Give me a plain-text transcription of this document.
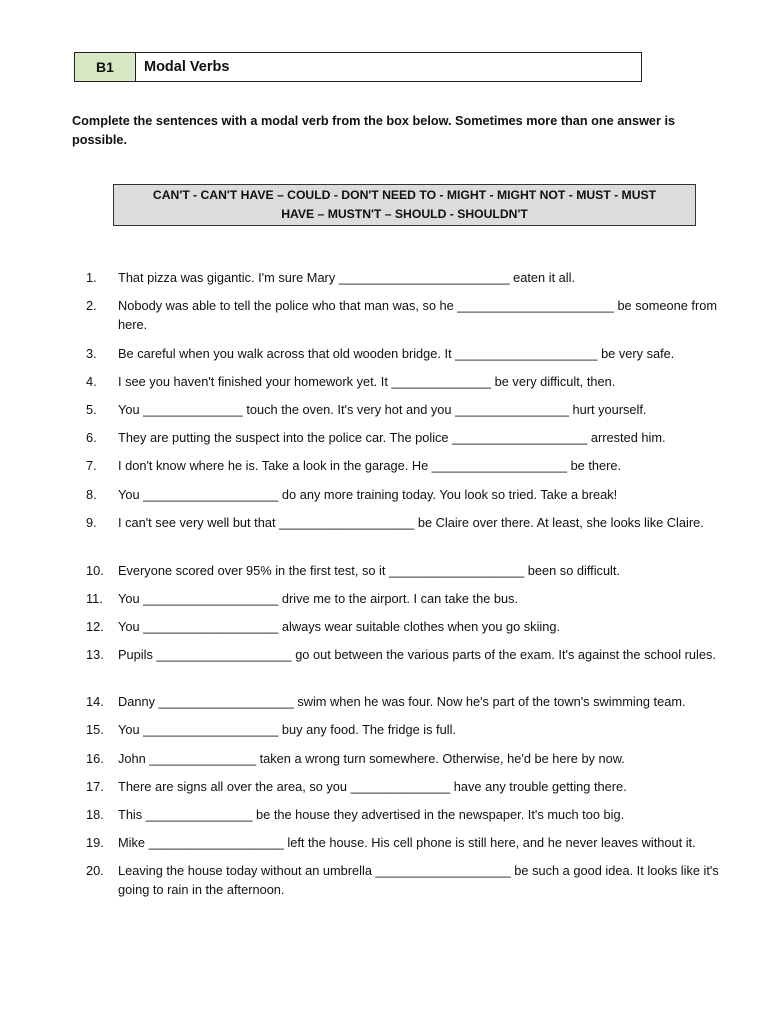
B1	Modal Verbs
Complete the sentences with a modal verb from the box below. Sometimes more than one answer is possible.
CAN'T - CAN'T HAVE – COULD - DON'T NEED TO - MIGHT - MIGHT NOT - MUST - MUST
HAVE – MUSTN'T – SHOULD - SHOULDN'T
1.	That pizza was gigantic. I'm sure Mary ________________________ eaten it all.
2.	Nobody was able to tell the police who that man was, so he ______________________ be someone from here.
3.	Be careful when you walk across that old wooden bridge. It ____________________ be very safe.
4.	I see you haven't finished your homework yet. It ______________ be very difficult, then.
5.	You ______________ touch the oven. It's very hot and you ________________ hurt yourself.
6.	They are putting the suspect into the police car. The police ___________________ arrested him.
7.	I don't know where he is. Take a look in the garage. He ___________________ be there.
8.	You ___________________ do any more training today. You look so tried. Take a break!
9.	I can't see very well but that ___________________ be Claire over there. At least, she looks like Claire.
10.	Everyone scored over 95% in the first test, so it ___________________ been so difficult.
11.	You ___________________ drive me to the airport. I can take the bus.
12.	You ___________________ always wear suitable clothes when you go skiing.
13.	Pupils ___________________ go out between the various parts of the exam. It's against the school rules.
14.	Danny ___________________ swim when he was four. Now he's part of the town's swimming team.
15.	You ___________________ buy any food. The fridge is full.
16.	John _______________ taken a wrong turn somewhere. Otherwise, he'd be here by now.
17.	There are signs all over the area, so you ______________ have any trouble getting there.
18.	This _______________ be the house they advertised in the newspaper. It's much too big.
19.	Mike ___________________ left the house. His cell phone is still here, and he never leaves without it.
20.	Leaving the house today without an umbrella ___________________ be such a good idea. It looks like it's going to rain in the afternoon.
